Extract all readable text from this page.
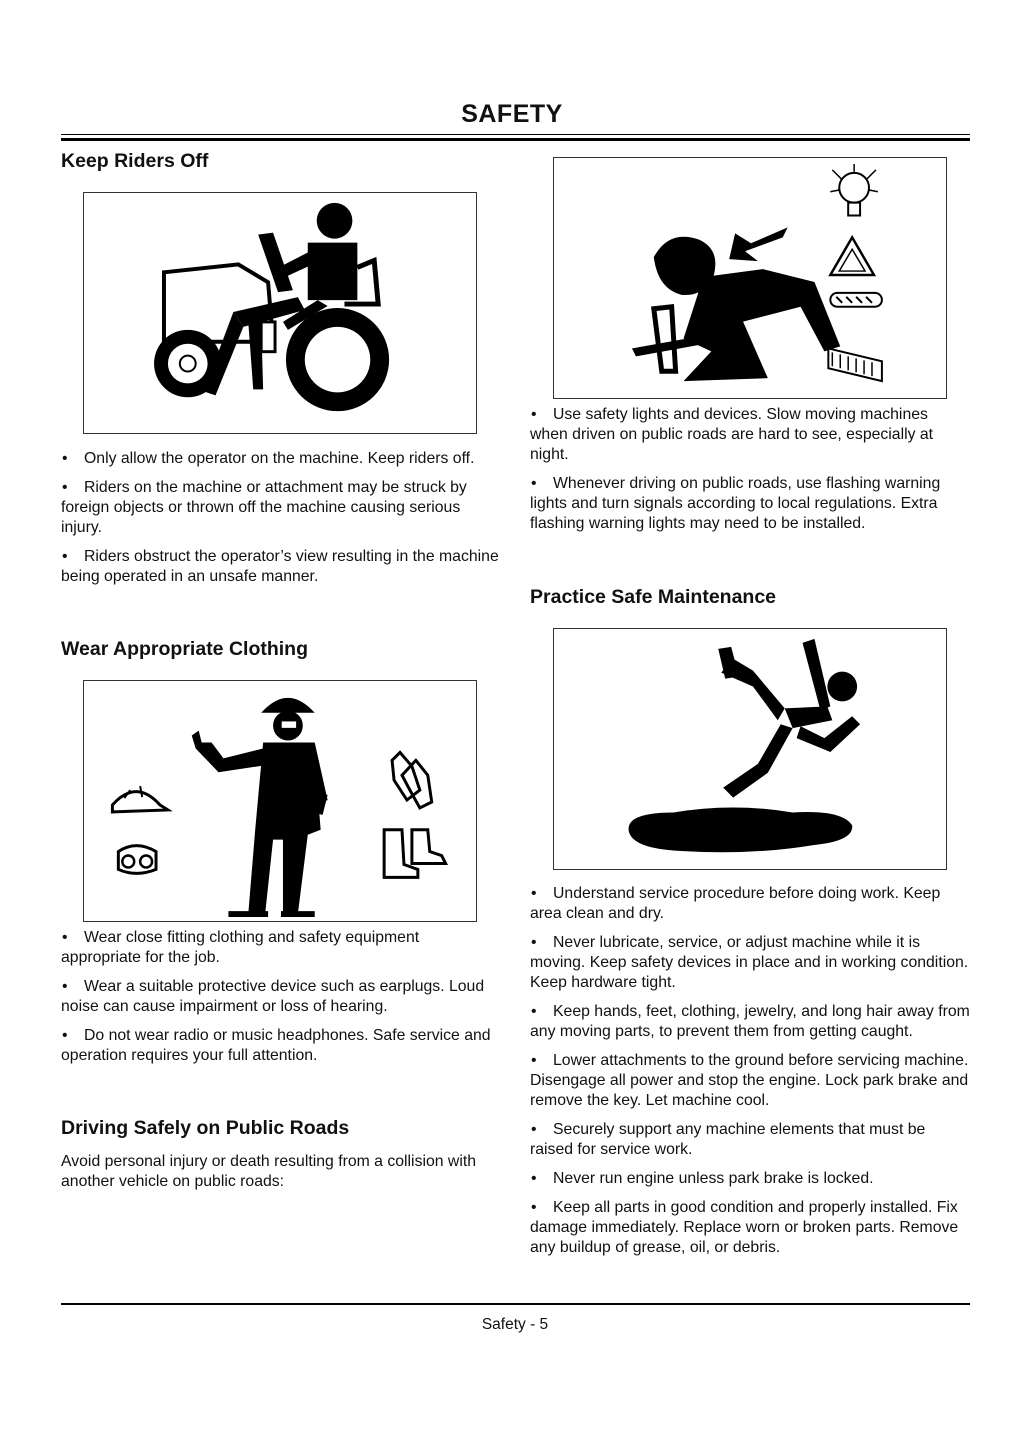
SAFETY
Keep Riders Off

• Only allow the operator on the machine. Keep riders off.

• Riders on the machine or attachment may be struck by foreign objects or thrown off the machine causing serious injury.

• Riders obstruct the operator’s view resulting in the machine being operated in an unsafe manner.

Wear Appropriate Clothing

• Wear close fitting clothing and safety equipment appropriate for the job.

• Wear a suitable protective device such as earplugs. Loud noise can cause impairment or loss of hearing.

• Do not wear radio or music headphones. Safe service and operation requires your full attention.

Driving Safely on Public Roads

Avoid personal injury or death resulting from a collision with another vehicle on public roads:

• Use safety lights and devices. Slow moving machines when driven on public roads are hard to see, especially at night.

• Whenever driving on public roads, use flashing warning lights and turn signals according to local regulations. Extra flashing warning lights may need to be installed.

Practice Safe Maintenance

• Understand service procedure before doing work. Keep area clean and dry.

• Never lubricate, service, or adjust machine while it is moving. Keep safety devices in place and in working condition. Keep hardware tight.

• Keep hands, feet, clothing, jewelry, and long hair away from any moving parts, to prevent them from getting caught.

• Lower attachments to the ground before servicing machine. Disengage all power and stop the engine. Lock park brake and remove the key. Let machine cool.

• Securely support any machine elements that must be raised for service work.

• Never run engine unless park brake is locked.

• Keep all parts in good condition and properly installed. Fix damage immediately. Replace worn or broken parts. Remove any buildup of grease, oil, or debris.

Safety - 5
